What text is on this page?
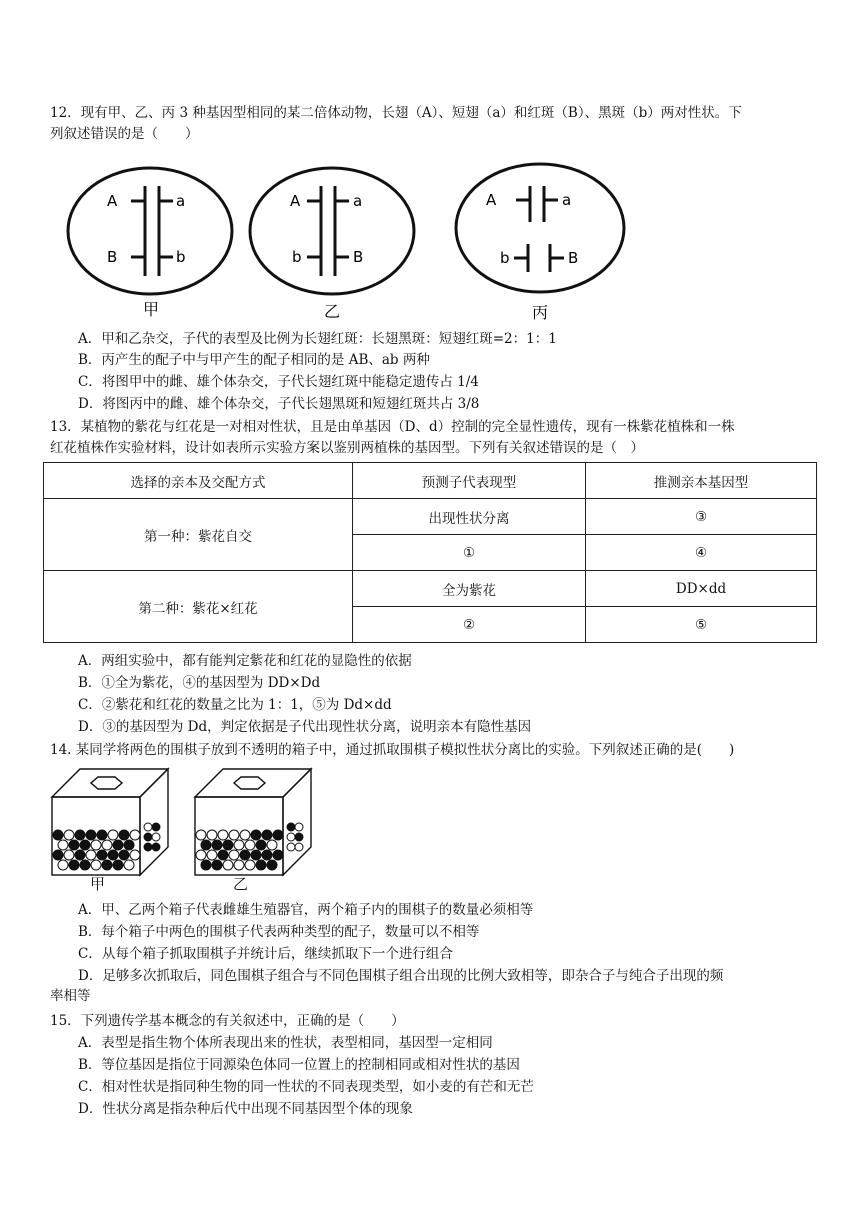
12．现有甲、乙、丙 3 种基因型相同的某二倍体动物，长翅（A）、短翅（a）和红斑（B）、黑斑（b）两对性状。下
列叙述错误的是（　　）
A	a
B	b
甲
A	a
b	B
乙
A	a
b	B
丙
A．甲和乙杂交，子代的表型及比例为长翅红斑：长翅黑斑：短翅红斑=2：1：1
B．丙产生的配子中与甲产生的配子相同的是 AB、ab 两种
C．将图甲中的雌、雄个体杂交，子代长翅红斑中能稳定遗传占 1/4
D．将图丙中的雌、雄个体杂交，子代长翅黑斑和短翅红斑共占 3/8
13．某植物的紫花与红花是一对相对性状，且是由单基因（D、d）控制的完全显性遗传，现有一株紫花植株和一株
红花植株作实验材料，设计如表所示实验方案以鉴别两植株的基因型。下列有关叙述错误的是（　）
选择的亲本及交配方式	预测子代表现型	推测亲本基因型
第一种：紫花自交	出现性状分离	③
	①	④
第二种：紫花×红花	全为紫花	DD×dd
	②	⑤
A．两组实验中，都有能判定紫花和红花的显隐性的依据
B．①全为紫花，④的基因型为 DD×Dd
C．②紫花和红花的数量之比为 1：1，⑤为 Dd×dd
D．③的基因型为 Dd，判定依据是子代出现性状分离，说明亲本有隐性基因
14. 某同学将两色的围棋子放到不透明的箱子中，通过抓取围棋子模拟性状分离比的实验。下列叙述正确的是(　　)
甲	乙
A．甲、乙两个箱子代表雌雄生殖器官，两个箱子内的围棋子的数量必须相等
B．每个箱子中两色的围棋子代表两种类型的配子，数量可以不相等
C．从每个箱子抓取围棋子并统计后，继续抓取下一个进行组合
D．足够多次抓取后，同色围棋子组合与不同色围棋子组合出现的比例大致相等，即杂合子与纯合子出现的频
率相等
15．下列遗传学基本概念的有关叙述中，正确的是（　　）
A．表型是指生物个体所表现出来的性状，表型相同，基因型一定相同
B．等位基因是指位于同源染色体同一位置上的控制相同或相对性状的基因
C．相对性状是指同种生物的同一性状的不同表现类型，如小麦的有芒和无芒
D．性状分离是指杂种后代中出现不同基因型个体的现象
